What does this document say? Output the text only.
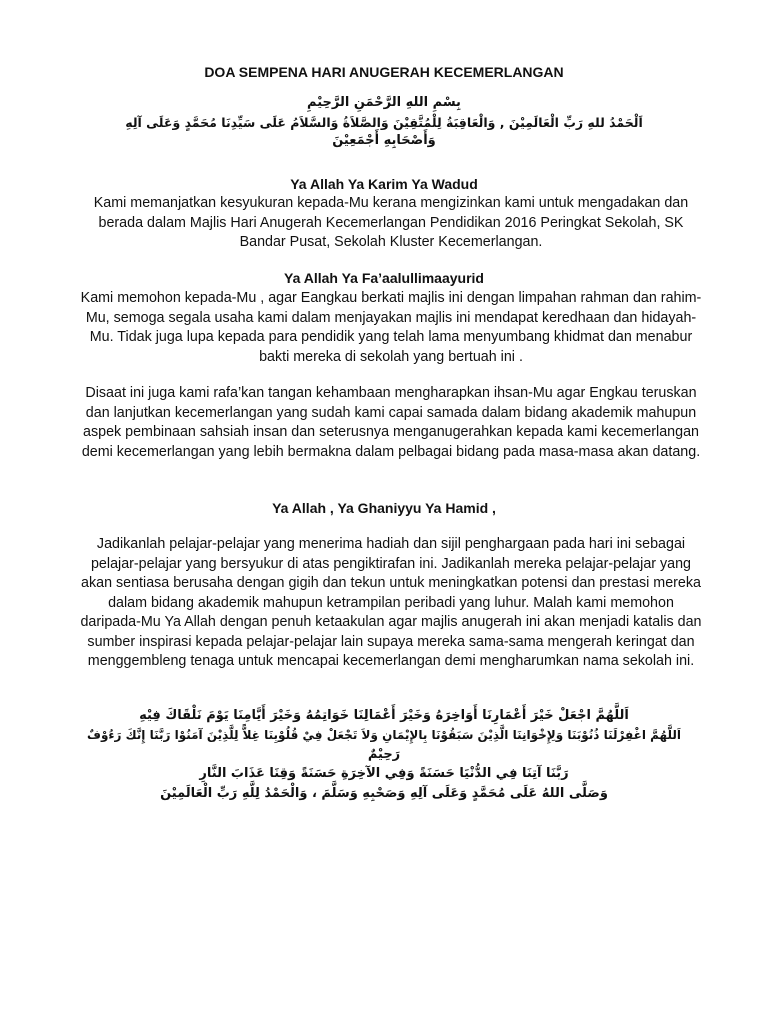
DOA SEMPENA HARI ANUGERAH KECEMERLANGAN
بِسْمِ اللهِ الرَّحْمَنِ الرَّحِيْمِ
اَلْحَمْدُ للهِ رَبِّ الْعَالَمِيْنَ , وَالْعَاقِبَةُ لِلْمُتَّقِيْنَ وَالصَّلاَةُ وَالسَّلاَمُ عَلَى سَيِّدِنَا مُحَمَّدٍ وَعَلَى آلِهِ
وَأَصْحَابِهِ أَجْمَعِيْنَ
Ya Allah Ya Karim Ya Wadud
Kami memanjatkan kesyukuran kepada-Mu kerana mengizinkan kami untuk mengadakan dan berada dalam Majlis Hari Anugerah Kecemerlangan Pendidikan 2016 Peringkat Sekolah, SK Bandar Pusat, Sekolah Kluster Kecemerlangan.
Ya Allah Ya Fa’aalullimaayurid
Kami memohon kepada-Mu , agar Eangkau berkati majlis ini dengan limpahan rahman dan rahim-Mu, semoga segala usaha kami dalam menjayakan majlis ini mendapat keredhaan dan hidayah-Mu. Tidak juga lupa kepada para pendidik yang telah lama menyumbang khidmat dan menabur bakti mereka di sekolah yang bertuah ini .
Disaat ini juga kami rafa’kan tangan kehambaan mengharapkan ihsan-Mu agar Engkau teruskan dan lanjutkan kecemerlangan yang sudah kami capai samada dalam bidang akademik mahupun aspek pembinaan sahsiah insan dan seterusnya menganugerahkan kepada kami kecemerlangan demi kecemerlangan yang lebih bermakna dalam pelbagai bidang pada masa-masa akan datang.
Ya Allah , Ya Ghaniyyu Ya Hamid ,
Jadikanlah pelajar-pelajar yang menerima hadiah dan sijil penghargaan pada hari ini sebagai pelajar-pelajar yang bersyukur di atas pengiktirafan ini. Jadikanlah mereka pelajar-pelajar yang akan sentiasa berusaha dengan gigih dan tekun untuk meningkatkan potensi dan prestasi mereka dalam bidang akademik mahupun ketrampilan peribadi yang luhur. Malah kami memohon daripada-Mu Ya Allah dengan penuh ketaakulan agar majlis anugerah ini akan menjadi katalis dan sumber inspirasi kepada pelajar-pelajar lain supaya mereka sama-sama mengerah keringat dan menggembleng tenaga untuk mencapai kecemerlangan demi mengharumkan nama sekolah ini.
اَللَّهُمَّ اجْعَلْ خَيْرَ أَعْمَارِنَا أَوَاخِرَهُ وَخَيْرَ أَعْمَالِنَا خَوَاتِمُهُ وَخَيْرَ أَيَّامِنَا يَوْمَ نَلْقَاكَ فِيْهِ
اَللَّهُمَّ اغْفِرْلَنَا ذُنُوْبَنَا وَلِإِخْوَانِنَا الَّذِيْنَ سَبَقُوْنَا بِالإِيْمَانِ وَلاَ تَجْعَلْ فِيْ قُلُوْبِنَا غِلاًّ لِلَّذِيْنَ آمَنُوْا رَبَّنَا إِنَّكَ رَءُوْفٌ
رَحِيْمٌ
رَبَّنَا آتِنَا فِي الدُّنْيَا حَسَنَةً وَفِي الآخِرَةِ حَسَنَةً وَقِنَا عَذَابَ النَّارِ
وَصَلَّى اللهُ عَلَى مُحَمَّدٍ وَعَلَى آلِهِ وَصَحْبِهِ وَسَلَّمَ ، وَالْحَمْدُ لِلَّهِ رَبِّ الْعَالَمِيْنَ
